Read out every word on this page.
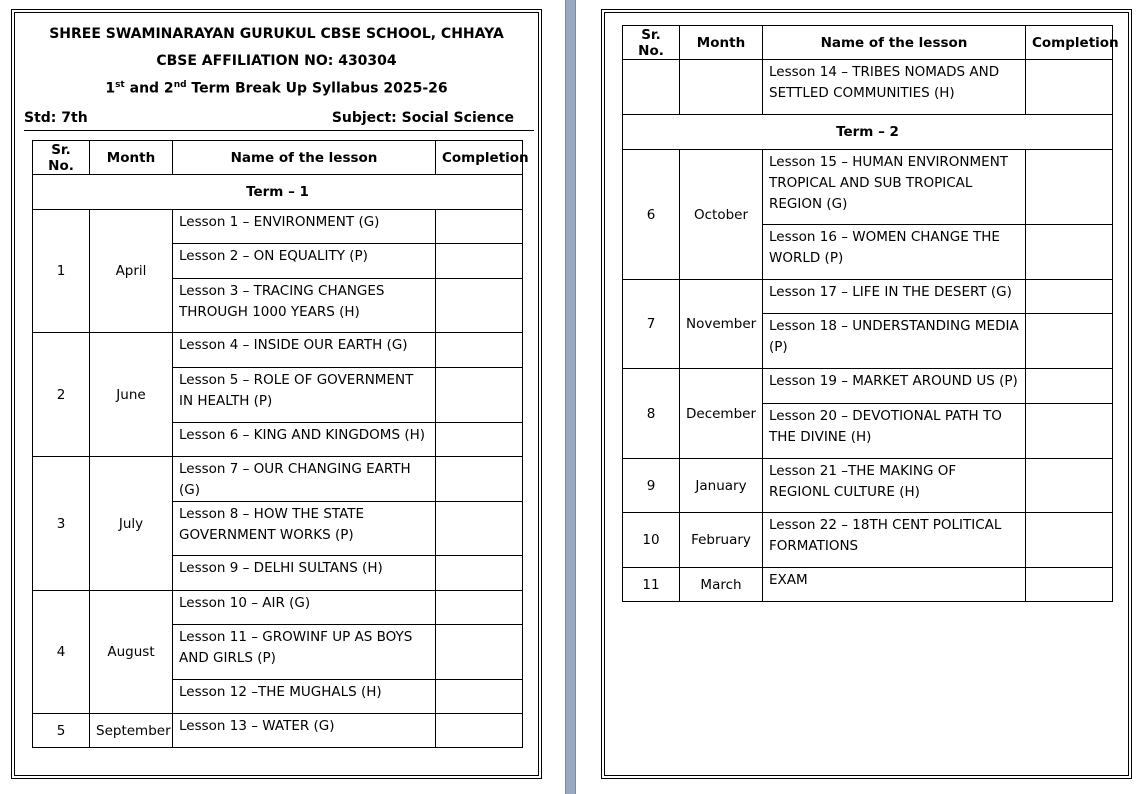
SHREE SWAMINARAYAN GURUKUL CBSE SCHOOL, CHHAYA
CBSE AFFILIATION NO: 430304
1st and 2nd Term Break Up Syllabus 2025-26
Std: 7th	Subject: Social Science
Sr. No.	Month	Name of the lesson	Completion
Term – 1			
1	April	Lesson 1 – ENVIRONMENT (G)	
		Lesson 2 – ON EQUALITY (P)	
		Lesson 3 – TRACING CHANGES THROUGH 1000 YEARS (H)	
2	June	Lesson 4 – INSIDE OUR EARTH (G)	
		Lesson 5 – ROLE OF GOVERNMENT IN HEALTH (P)	
		Lesson 6 – KING AND KINGDOMS (H)	
3	July	Lesson 7 – OUR CHANGING EARTH (G)	
		Lesson 8 – HOW THE STATE GOVERNMENT WORKS (P)	
		Lesson 9 – DELHI SULTANS (H)	
4	August	Lesson 10 – AIR (G)	
		Lesson 11 – GROWINF UP AS BOYS AND GIRLS (P)	
		Lesson 12 –THE MUGHALS (H)	
5	September	Lesson 13 – WATER (G)	
Sr. No.	Month	Name of the lesson	Completion
		Lesson 14 – TRIBES NOMADS AND SETTLED COMMUNITIES (H)	
Term – 2			
6	October	Lesson 15 – HUMAN ENVIRONMENT TROPICAL AND SUB TROPICAL REGION (G)	
		Lesson 16 – WOMEN CHANGE THE WORLD (P)	
7	November	Lesson 17 – LIFE IN THE DESERT (G)	
		Lesson 18 – UNDERSTANDING MEDIA (P)	
8	December	Lesson 19 – MARKET AROUND US (P)	
		Lesson 20 – DEVOTIONAL PATH TO THE DIVINE (H)	
9	January	Lesson 21 –THE MAKING OF REGIONL CULTURE (H)	
10	February	Lesson 22 – 18TH CENT POLITICAL FORMATIONS	
11	March	EXAM	
